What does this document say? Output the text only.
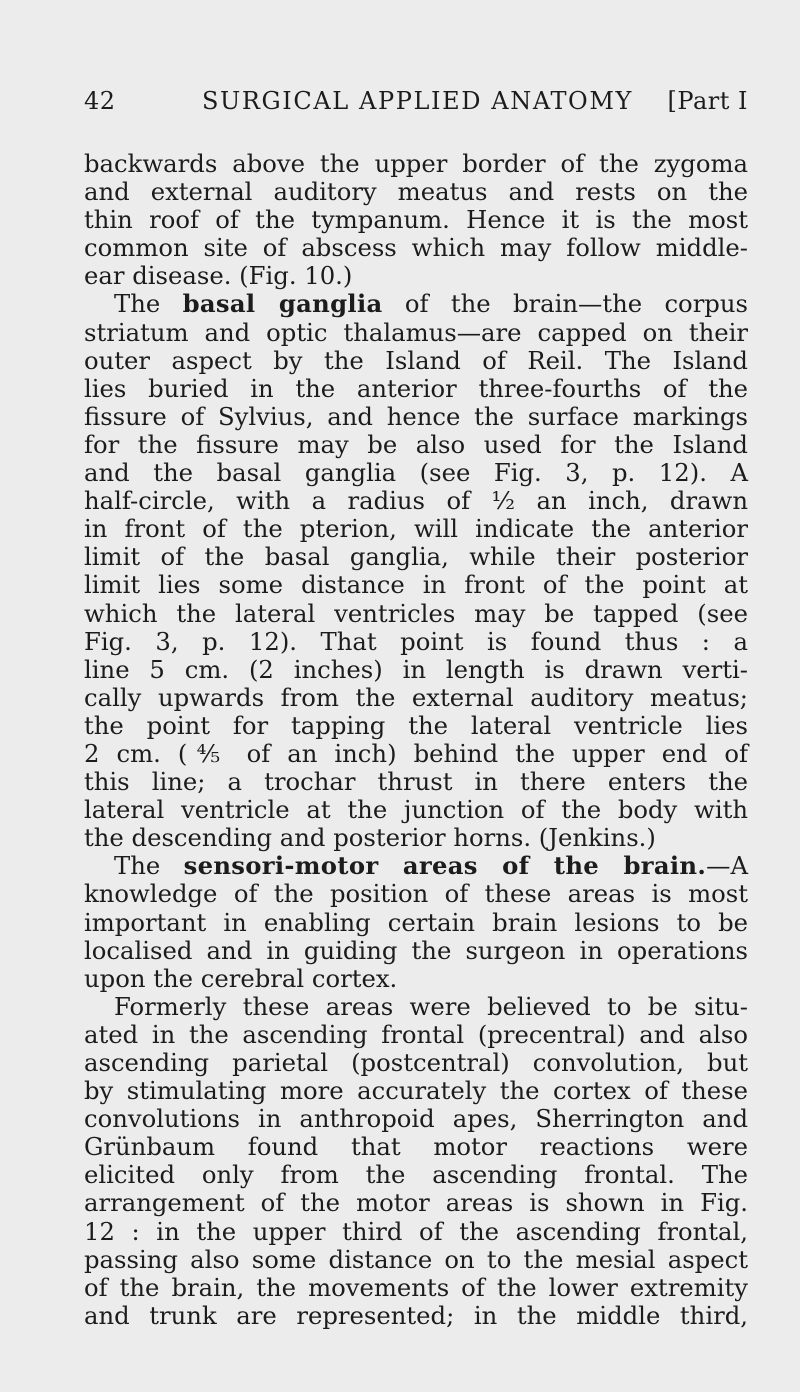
42	SURGICAL APPLIED ANATOMY [Part I
backwards above the upper border of the zygoma
and external auditory meatus and rests on the
thin roof of the tympanum. Hence it is the most
common site of abscess which may follow middle-
ear disease. (Fig. 10.)
The basal ganglia of the brain—the corpus
striatum and optic thalamus—are capped on their
outer aspect by the Island of Reil. The Island
lies buried in the anterior three-fourths of the
fissure of Sylvius, and hence the surface markings
for the fissure may be also used for the Island
and the basal ganglia (see Fig. 3, p. 12). A
half-circle, with a radius of ½ an inch, drawn
in front of the pterion, will indicate the anterior
limit of the basal ganglia, while their posterior
limit lies some distance in front of the point at
which the lateral ventricles may be tapped (see
Fig. 3, p. 12). That point is found thus : a
line 5 cm. (2 inches) in length is drawn verti-
cally upwards from the external auditory meatus;
the point for tapping the lateral ventricle lies
2 cm. (⅘ of an inch) behind the upper end of
this line; a trochar thrust in there enters the
lateral ventricle at the junction of the body with
the descending and posterior horns. (Jenkins.)
The sensori-motor areas of the brain.—A
knowledge of the position of these areas is most
important in enabling certain brain lesions to be
localised and in guiding the surgeon in operations
upon the cerebral cortex.
Formerly these areas were believed to be situ-
ated in the ascending frontal (precentral) and also
ascending parietal (postcentral) convolution, but
by stimulating more accurately the cortex of these
convolutions in anthropoid apes, Sherrington and
Grünbaum found that motor reactions were
elicited only from the ascending frontal. The
arrangement of the motor areas is shown in Fig.
12 : in the upper third of the ascending frontal,
passing also some distance on to the mesial aspect
of the brain, the movements of the lower extremity
and trunk are represented; in the middle third,
